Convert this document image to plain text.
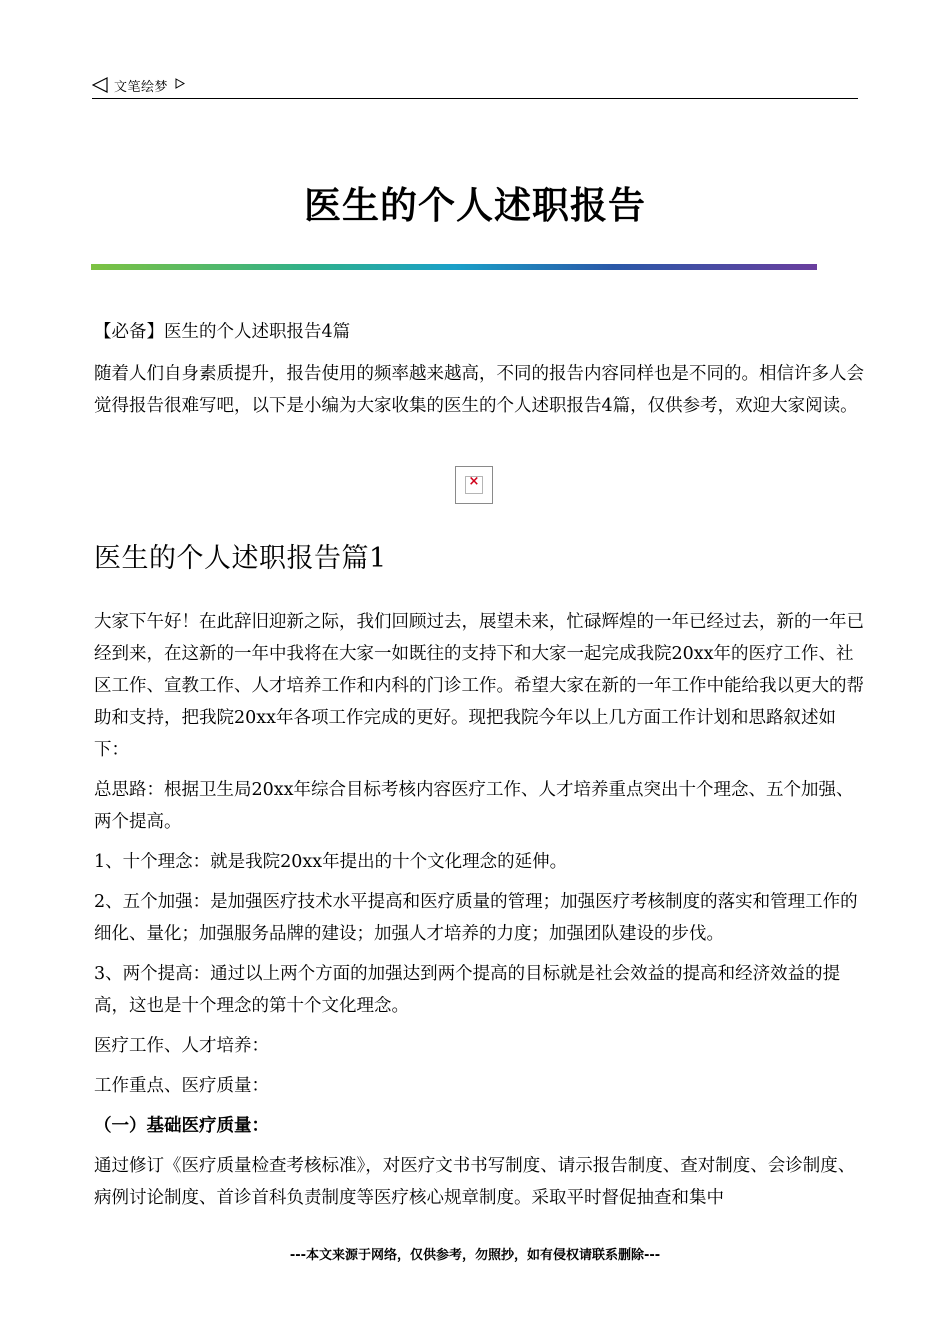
文笔绘梦
医生的个人述职报告
【必备】医生的个人述职报告4篇
随着人们自身素质提升，报告使用的频率越来越高，不同的报告内容同样也是不同的。相信许多人会觉得报告很难写吧，以下是小编为大家收集的医生的个人述职报告4篇，仅供参考，欢迎大家阅读。
×
医生的个人述职报告篇1

大家下午好！在此辞旧迎新之际，我们回顾过去，展望未来，忙碌辉煌的一年已经过去，新的一年已经到来，在这新的一年中我将在大家一如既往的支持下和大家一起完成我院20xx年的医疗工作、社区工作、宣教工作、人才培养工作和内科的门诊工作。希望大家在新的一年工作中能给我以更大的帮助和支持，把我院20xx年各项工作完成的更好。现把我院今年以上几方面工作计划和思路叙述如下：

总思路：根据卫生局20xx年综合目标考核内容医疗工作、人才培养重点突出十个理念、五个加强、两个提高。

1、十个理念：就是我院20xx年提出的十个文化理念的延伸。

2、五个加强：是加强医疗技术水平提高和医疗质量的管理；加强医疗考核制度的落实和管理工作的细化、量化；加强服务品牌的建设；加强人才培养的力度；加强团队建设的步伐。

3、两个提高：通过以上两个方面的加强达到两个提高的目标就是社会效益的提高和经济效益的提高，这也是十个理念的第十个文化理念。

医疗工作、人才培养：

工作重点、医疗质量：

（一）基础医疗质量：

通过修订《医疗质量检查考核标准》，对医疗文书书写制度、请示报告制度、查对制度、会诊制度、病例讨论制度、首诊首科负责制度等医疗核心规章制度。采取平时督促抽查和集中

---本文来源于网络，仅供参考，勿照抄，如有侵权请联系删除---
